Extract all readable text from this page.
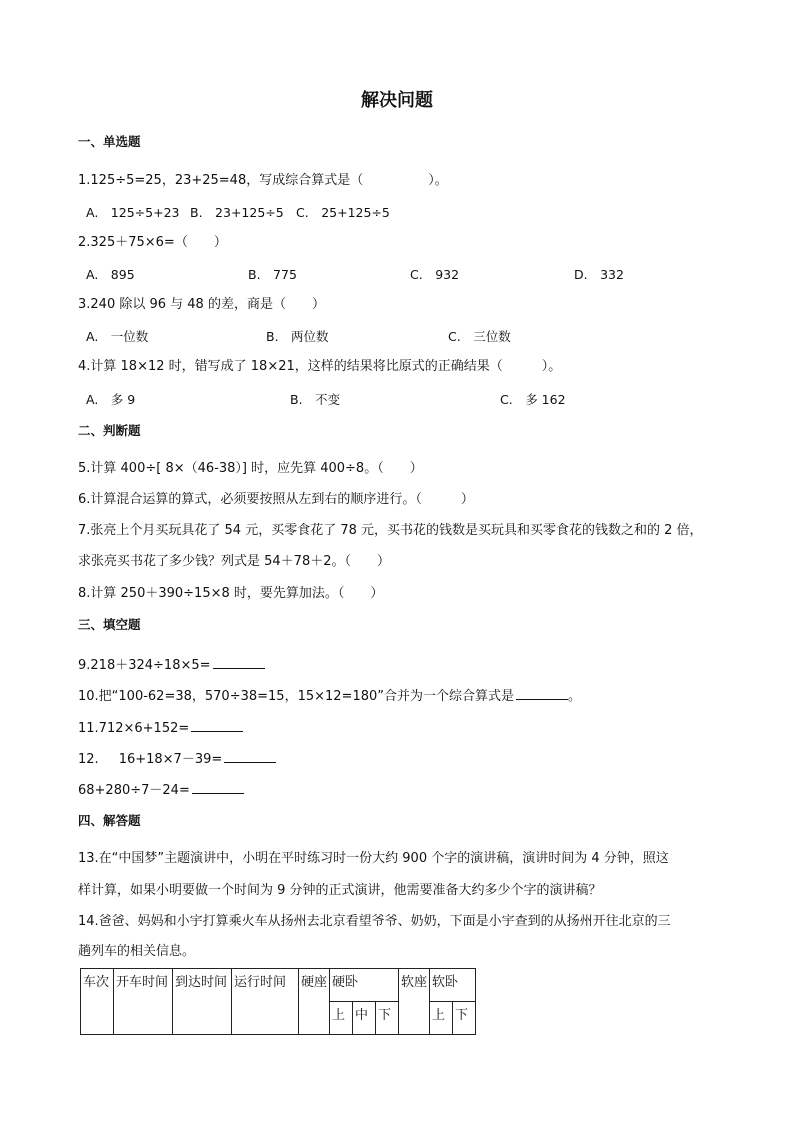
解决问题
一、单选题
1.125÷5=25，23+25=48，写成综合算式是（　　　　　）。
A.　125÷5+23 B.　23+125÷5 C.　25+125÷5
2.325＋75×6=（　　）
A.　895	B.　775	C.　932	D.　332
3.240 除以 96 与 48 的差，商是（　　）
A.　一位数	B.　两位数	C.　三位数
4.计算 18×12 时，错写成了 18×21，这样的结果将比原式的正确结果（　　　）。
A.　多 9	B.　不变	C.　多 162
二、判断题
5.计算 400÷[ 8×（46-38）] 时，应先算 400÷8。（　　）
6.计算混合运算的算式，必须要按照从左到右的顺序进行。（　　　）
7.张亮上个月买玩具花了 54 元，买零食花了 78 元，买书花的钱数是买玩具和买零食花的钱数之和的 2 倍，
求张亮买书花了多少钱？列式是 54＋78＋2。（　　）
8.计算 250＋390÷15×8 时，要先算加法。（　　）
三、填空题
9.218＋324÷18×5=
10.把“100-62=38，570÷38=15，15×12=180”合并为一个综合算式是	。
11.712×6+152=
12. 16+18×7－39=
68+280÷7－24=
四、解答题
13.在“中国梦”主题演讲中，小明在平时练习时一份大约 900 个字的演讲稿，演讲时间为 4 分钟，照这
样计算，如果小明要做一个时间为 9 分钟的正式演讲，他需要准备大约多少个字的演讲稿？
14.爸爸、妈妈和小宇打算乘火车从扬州去北京看望爷爷、奶奶，下面是小宇查到的从扬州开往北京的三
趟列车的相关信息。
车次	开车时间	到达时间	运行时间	硬座	硬卧			软座	软卧	
					上	中	下		上	下
